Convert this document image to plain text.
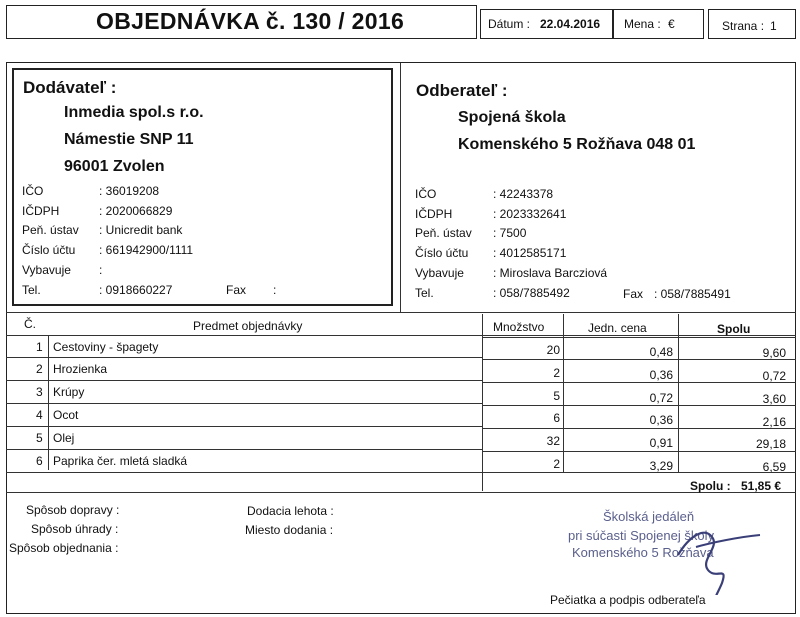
OBJEDNÁVKA č. 130 / 2016	Dátum : 22.04.2016 Mena : €	Strana : 1
Dodávateľ :
Inmedia spol.s r.o.
Námestie SNP 11
96001 Zvolen
IČO	: 36019208
IČDPH	: 2020066829
Peň. ústav : Unicredit bank
Číslo účtu : 661942900/1111
Vybavuje :
Tel.	: 0918660227	Fax :
Odberateľ :
Spojená škola
Komenského 5 Rožňava 048 01
IČO	: 42243378
IČDPH	: 2023332641
Peň. ústav : 7500
Číslo účtu : 4012585171
Vybavuje : Miroslava Barcziová
Tel.	: 058/7885492	Fax : 058/7885491
Č.	Predmet objednávky	Množstvo	Jedn. cena	Spolu
1 Cestoviny - špagety	20	0,48	9,60
2 Hrozienka	2	0,36	0,72
3 Krúpy	5	0,72	3,60
4 Ocot	6	0,36	2,16
5 Olej	32	0,91	29,18
6 Paprika čer. mletá sladká	2	3,29	6,59
Spolu : 51,85 €
Spôsob dopravy :
Spôsob úhrady :
Spôsob objednania :
Dodacia lehota :
Miesto dodania :
Školská jedáleň
pri súčasti Spojenej školy
Komenského 5 Rožňava
Pečiatka a podpis odberateľa
